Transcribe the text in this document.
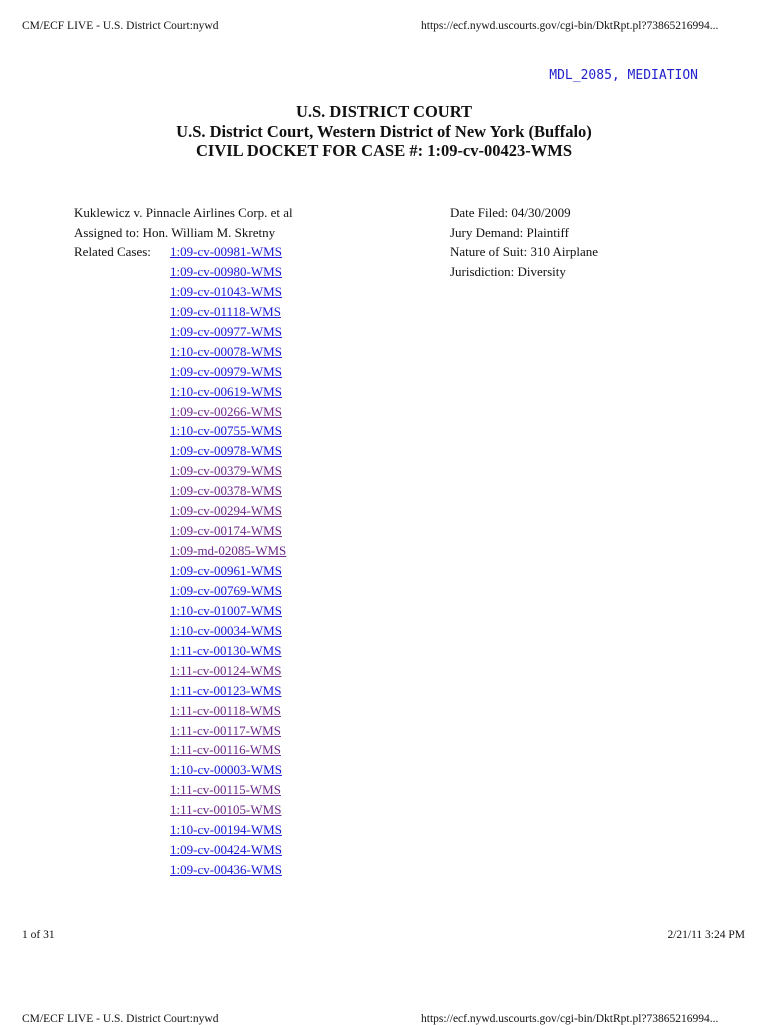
CM/ECF LIVE - U.S. District Court:nywd	https://ecf.nywd.uscourts.gov/cgi-bin/DktRpt.pl?73865216994...
MDL_2085, MEDIATION
U.S. DISTRICT COURT
U.S. District Court, Western District of New York (Buffalo)
CIVIL DOCKET FOR CASE #: 1:09-cv-00423-WMS
Kuklewicz v. Pinnacle Airlines Corp. et al
Assigned to: Hon. William M. Skretny
Related Cases:	1:09-cv-00981-WMS
1:09-cv-00980-WMS
1:09-cv-01043-WMS
1:09-cv-01118-WMS
1:09-cv-00977-WMS
1:10-cv-00078-WMS
1:09-cv-00979-WMS
1:10-cv-00619-WMS
1:09-cv-00266-WMS
1:10-cv-00755-WMS
1:09-cv-00978-WMS
1:09-cv-00379-WMS
1:09-cv-00378-WMS
1:09-cv-00294-WMS
1:09-cv-00174-WMS
1:09-md-02085-WMS
1:09-cv-00961-WMS
1:09-cv-00769-WMS
1:10-cv-01007-WMS
1:10-cv-00034-WMS
1:11-cv-00130-WMS
1:11-cv-00124-WMS
1:11-cv-00123-WMS
1:11-cv-00118-WMS
1:11-cv-00117-WMS
1:11-cv-00116-WMS
1:10-cv-00003-WMS
1:11-cv-00115-WMS
1:11-cv-00105-WMS
1:10-cv-00194-WMS
1:09-cv-00424-WMS
1:09-cv-00436-WMS
Date Filed: 04/30/2009
Jury Demand: Plaintiff
Nature of Suit: 310 Airplane
Jurisdiction: Diversity
1 of 31	2/21/11 3:24 PM
CM/ECF LIVE - U.S. District Court:nywd	https://ecf.nywd.uscourts.gov/cgi-bin/DktRpt.pl?73865216994...
